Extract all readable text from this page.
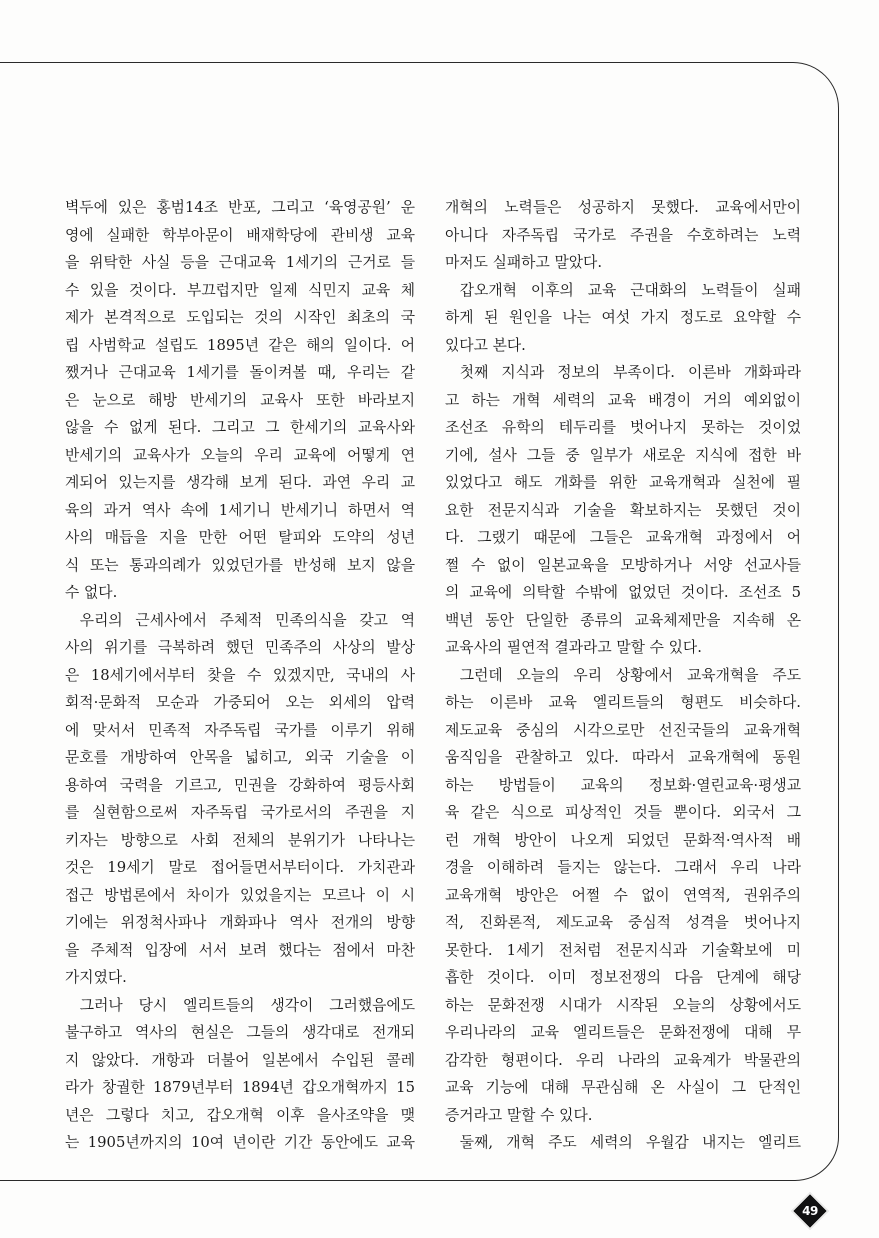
벽두에 있은 홍범14조 반포, 그리고 ‘육영공원’ 운
영에 실패한 학부아문이 배재학당에 관비생 교육
을 위탁한 사실 등을 근대교육 1세기의 근거로 들
수 있을 것이다. 부끄럽지만 일제 식민지 교육 체
제가 본격적으로 도입되는 것의 시작인 최초의 국
립 사범학교 설립도 1895년 같은 해의 일이다. 어
쨌거나 근대교육 1세기를 돌이켜볼 때, 우리는 같
은 눈으로 해방 반세기의 교육사 또한 바라보지
않을 수 없게 된다. 그리고 그 한세기의 교육사와
반세기의 교육사가 오늘의 우리 교육에 어떻게 연
계되어 있는지를 생각해 보게 된다. 과연 우리 교
육의 과거 역사 속에 1세기니 반세기니 하면서 역
사의 매듭을 지을 만한 어떤 탈피와 도약의 성년
식 또는 통과의례가 있었던가를 반성해 보지 않을
수 없다.
우리의 근세사에서 주체적 민족의식을 갖고 역
사의 위기를 극복하려 했던 민족주의 사상의 발상
은 18세기에서부터 찾을 수 있겠지만, 국내의 사
회적·문화적 모순과 가중되어 오는 외세의 압력
에 맞서서 민족적 자주독립 국가를 이루기 위해
문호를 개방하여 안목을 넓히고, 외국 기술을 이
용하여 국력을 기르고, 민권을 강화하여 평등사회
를 실현함으로써 자주독립 국가로서의 주권을 지
키자는 방향으로 사회 전체의 분위기가 나타나는
것은 19세기 말로 접어들면서부터이다. 가치관과
접근 방법론에서 차이가 있었을지는 모르나 이 시
기에는 위정척사파나 개화파나 역사 전개의 방향
을 주체적 입장에 서서 보려 했다는 점에서 마찬
가지였다.
그러나 당시 엘리트들의 생각이 그러했음에도
불구하고 역사의 현실은 그들의 생각대로 전개되
지 않았다. 개항과 더불어 일본에서 수입된 콜레
라가 창궐한 1879년부터 1894년 갑오개혁까지 15
년은 그렇다 치고, 갑오개혁 이후 을사조약을 맺
는 1905년까지의 10여 년이란 기간 동안에도 교육
개혁의 노력들은 성공하지 못했다. 교육에서만이
아니다 자주독립 국가로 주권을 수호하려는 노력
마저도 실패하고 말았다.
갑오개혁 이후의 교육 근대화의 노력들이 실패
하게 된 원인을 나는 여섯 가지 정도로 요약할 수
있다고 본다.
첫째 지식과 정보의 부족이다. 이른바 개화파라
고 하는 개혁 세력의 교육 배경이 거의 예외없이
조선조 유학의 테두리를 벗어나지 못하는 것이었
기에, 설사 그들 중 일부가 새로운 지식에 접한 바
있었다고 해도 개화를 위한 교육개혁과 실천에 필
요한 전문지식과 기술을 확보하지는 못했던 것이
다. 그랬기 때문에 그들은 교육개혁 과정에서 어
쩔 수 없이 일본교육을 모방하거나 서양 선교사들
의 교육에 의탁할 수밖에 없었던 것이다. 조선조 5
백년 동안 단일한 종류의 교육체제만을 지속해 온
교육사의 필연적 결과라고 말할 수 있다.
그런데 오늘의 우리 상황에서 교육개혁을 주도
하는 이른바 교육 엘리트들의 형편도 비슷하다.
제도교육 중심의 시각으로만 선진국들의 교육개혁
움직임을 관찰하고 있다. 따라서 교육개혁에 동원
하는 방법들이 교육의 정보화·열린교육·평생교
육 같은 식으로 피상적인 것들 뿐이다. 외국서 그
런 개혁 방안이 나오게 되었던 문화적·역사적 배
경을 이해하려 들지는 않는다. 그래서 우리 나라
교육개혁 방안은 어쩔 수 없이 연역적, 권위주의
적, 진화론적, 제도교육 중심적 성격을 벗어나지
못한다. 1세기 전처럼 전문지식과 기술확보에 미
흡한 것이다. 이미 정보전쟁의 다음 단계에 해당
하는 문화전쟁 시대가 시작된 오늘의 상황에서도
우리나라의 교육 엘리트들은 문화전쟁에 대해 무
감각한 형편이다. 우리 나라의 교육계가 박물관의
교육 기능에 대해 무관심해 온 사실이 그 단적인
증거라고 말할 수 있다.
둘째, 개혁 주도 세력의 우월감 내지는 엘리트
49
